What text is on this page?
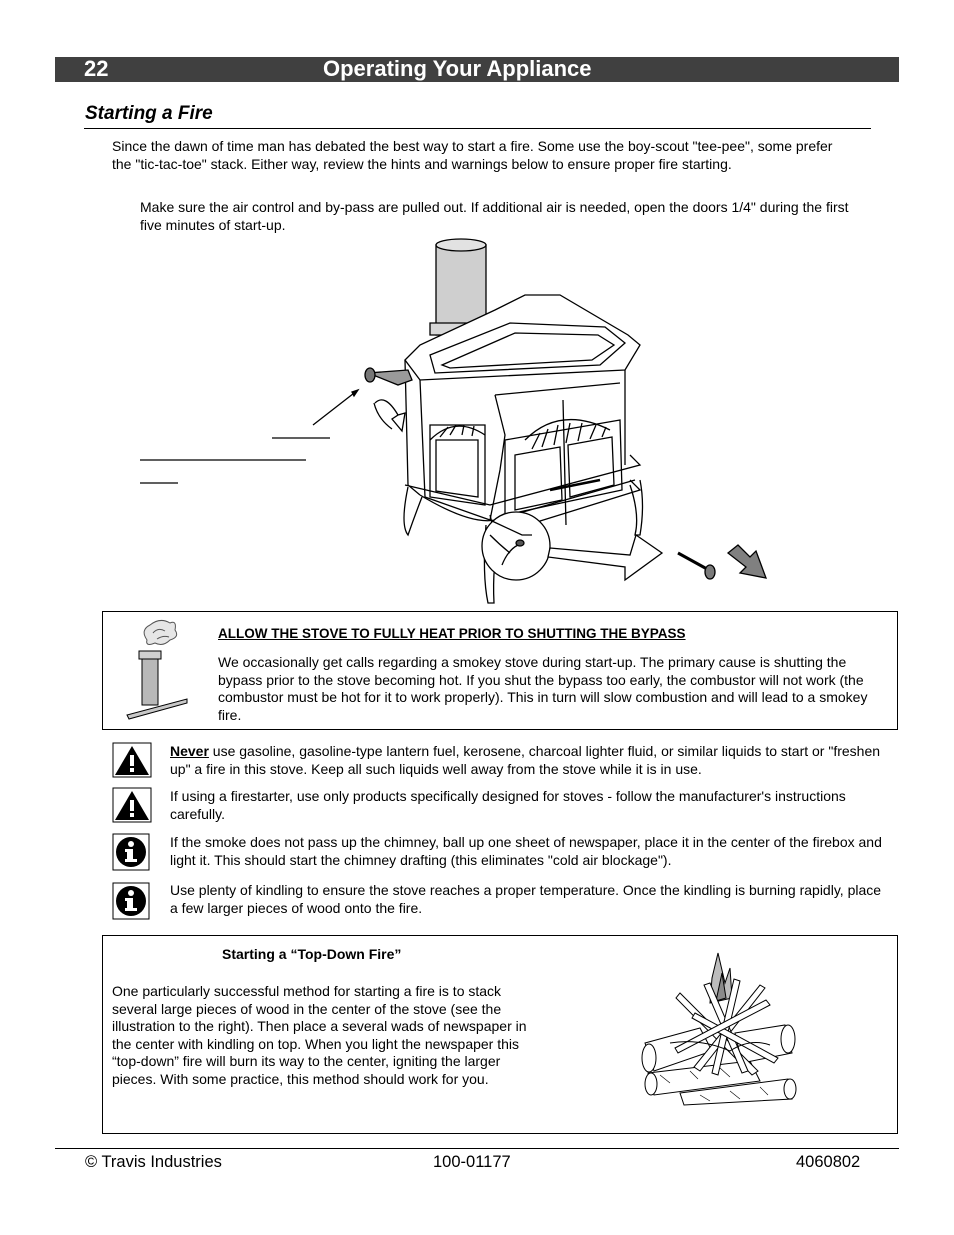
22	Operating Your Appliance
Starting a Fire
Since the dawn of time man has debated the best way to start a fire. Some use the boy-scout "tee-pee", some prefer the "tic-tac-toe" stack. Either way, review the hints and warnings below to ensure proper fire starting.
Make sure the air control and by-pass are pulled out. If additional air is needed, open the doors 1/4" during the first five minutes of start-up.
ALLOW THE STOVE TO FULLY HEAT PRIOR TO SHUTTING THE BYPASS
We occasionally get calls regarding a smokey stove during start-up. The primary cause is shutting the bypass prior to the stove becoming hot. If you shut the bypass too early, the combustor will not work (the combustor must be hot for it to work properly). This in turn will slow combustion and will lead to a smokey fire.
Never use gasoline, gasoline-type lantern fuel, kerosene, charcoal lighter fluid, or similar liquids to start or "freshen up" a fire in this stove. Keep all such liquids well away from the stove while it is in use.
If using a firestarter, use only products specifically designed for stoves - follow the manufacturer's instructions carefully.
If the smoke does not pass up the chimney, ball up one sheet of newspaper, place it in the center of the firebox and light it. This should start the chimney drafting (this eliminates "cold air blockage").
Use plenty of kindling to ensure the stove reaches a proper temperature. Once the kindling is burning rapidly, place a few larger pieces of wood onto the fire.
Starting a “Top-Down Fire”
One particularly successful method for starting a fire is to stack several large pieces of wood in the center of the stove (see the illustration to the right). Then place a several wads of newspaper in the center with kindling on top. When you light the newspaper this “top-down” fire will burn its way to the center, igniting the larger pieces. With some practice, this method should work for you.
© Travis Industries	100-01177	4060802
